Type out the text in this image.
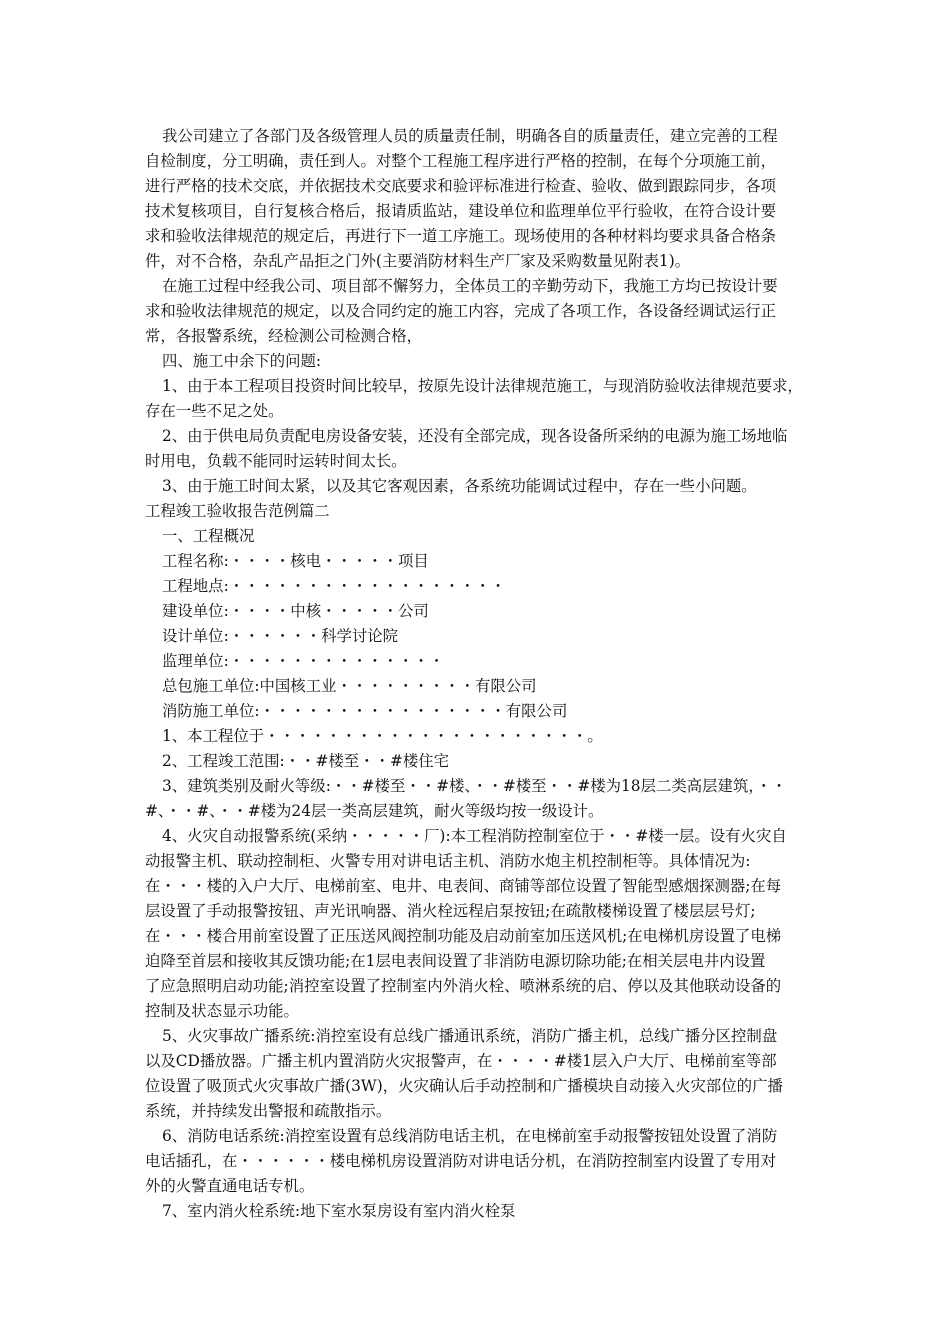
我公司建立了各部门及各级管理人员的质量责任制，明确各自的质量责任，建立完善的工程
自检制度，分工明确，责任到人。对整个工程施工程序进行严格的控制，在每个分项施工前，
进行严格的技术交底，并依据技术交底要求和验评标准进行检查、验收、做到跟踪同步，各项
技术复核项目，自行复核合格后，报请质监站，建设单位和监理单位平行验收，在符合设计要
求和验收法律规范的规定后，再进行下一道工序施工。现场使用的各种材料均要求具备合格条
件，对不合格，杂乱产品拒之门外(主要消防材料生产厂家及采购数量见附表1)。
在施工过程中经我公司、项目部不懈努力，全体员工的辛勤劳动下，我施工方均已按设计要
求和验收法律规范的规定，以及合同约定的施工内容，完成了各项工作，各设备经调试运行正
常，各报警系统，经检测公司检测合格，
四、施工中余下的问题:
1、由于本工程项目投资时间比较早，按原先设计法律规范施工，与现消防验收法律规范要求，
存在一些不足之处。
2、由于供电局负责配电房设备安装，还没有全部完成，现各设备所采纳的电源为施工场地临
时用电，负载不能同时运转时间太长。
3、由于施工时间太紧，以及其它客观因素，各系统功能调试过程中，存在一些小问题。
工程竣工验收报告范例篇二
一、工程概况
工程名称:・・・・核电・・・・・项目
工程地点:・・・・・・・・・・・・・・・・・・
建设单位:・・・・中核・・・・・公司
设计单位:・・・・・・科学讨论院
监理单位:・・・・・・・・・・・・・・
总包施工单位:中国核工业・・・・・・・・・有限公司
消防施工单位:・・・・・・・・・・・・・・・・有限公司
1、本工程位于・・・・・・・・・・・・・・・・・・・・・。
2、工程竣工范围:・・#楼至・・#楼住宅
3、建筑类别及耐火等级:・・#楼至・・#楼、・・#楼至・・#楼为18层二类高层建筑，・・
#、・・#、・・#楼为24层一类高层建筑，耐火等级均按一级设计。
4、火灾自动报警系统(采纳・・・・・厂):本工程消防控制室位于・・#楼一层。设有火灾自
动报警主机、联动控制柜、火警专用对讲电话主机、消防水炮主机控制柜等。具体情况为:
在・・・楼的入户大厅、电梯前室、电井、电表间、商铺等部位设置了智能型感烟探测器;在每
层设置了手动报警按钮、声光讯响器、消火栓远程启泵按钮;在疏散楼梯设置了楼层层号灯;
在・・・楼合用前室设置了正压送风阀控制功能及启动前室加压送风机;在电梯机房设置了电梯
迫降至首层和接收其反馈功能;在1层电表间设置了非消防电源切除功能;在相关层电井内设置
了应急照明启动功能;消控室设置了控制室内外消火栓、喷淋系统的启、停以及其他联动设备的
控制及状态显示功能。
5、火灾事故广播系统:消控室设有总线广播通讯系统，消防广播主机，总线广播分区控制盘
以及CD播放器。广播主机内置消防火灾报警声，在・・・・#楼1层入户大厅、电梯前室等部
位设置了吸顶式火灾事故广播(3W)，火灾确认后手动控制和广播模块自动接入火灾部位的广播
系统，并持续发出警报和疏散指示。
6、消防电话系统:消控室设置有总线消防电话主机，在电梯前室手动报警按钮处设置了消防
电话插孔，在・・・・・・楼电梯机房设置消防对讲电话分机，在消防控制室内设置了专用对
外的火警直通电话专机。
7、室内消火栓系统:地下室水泵房设有室内消火栓泵
